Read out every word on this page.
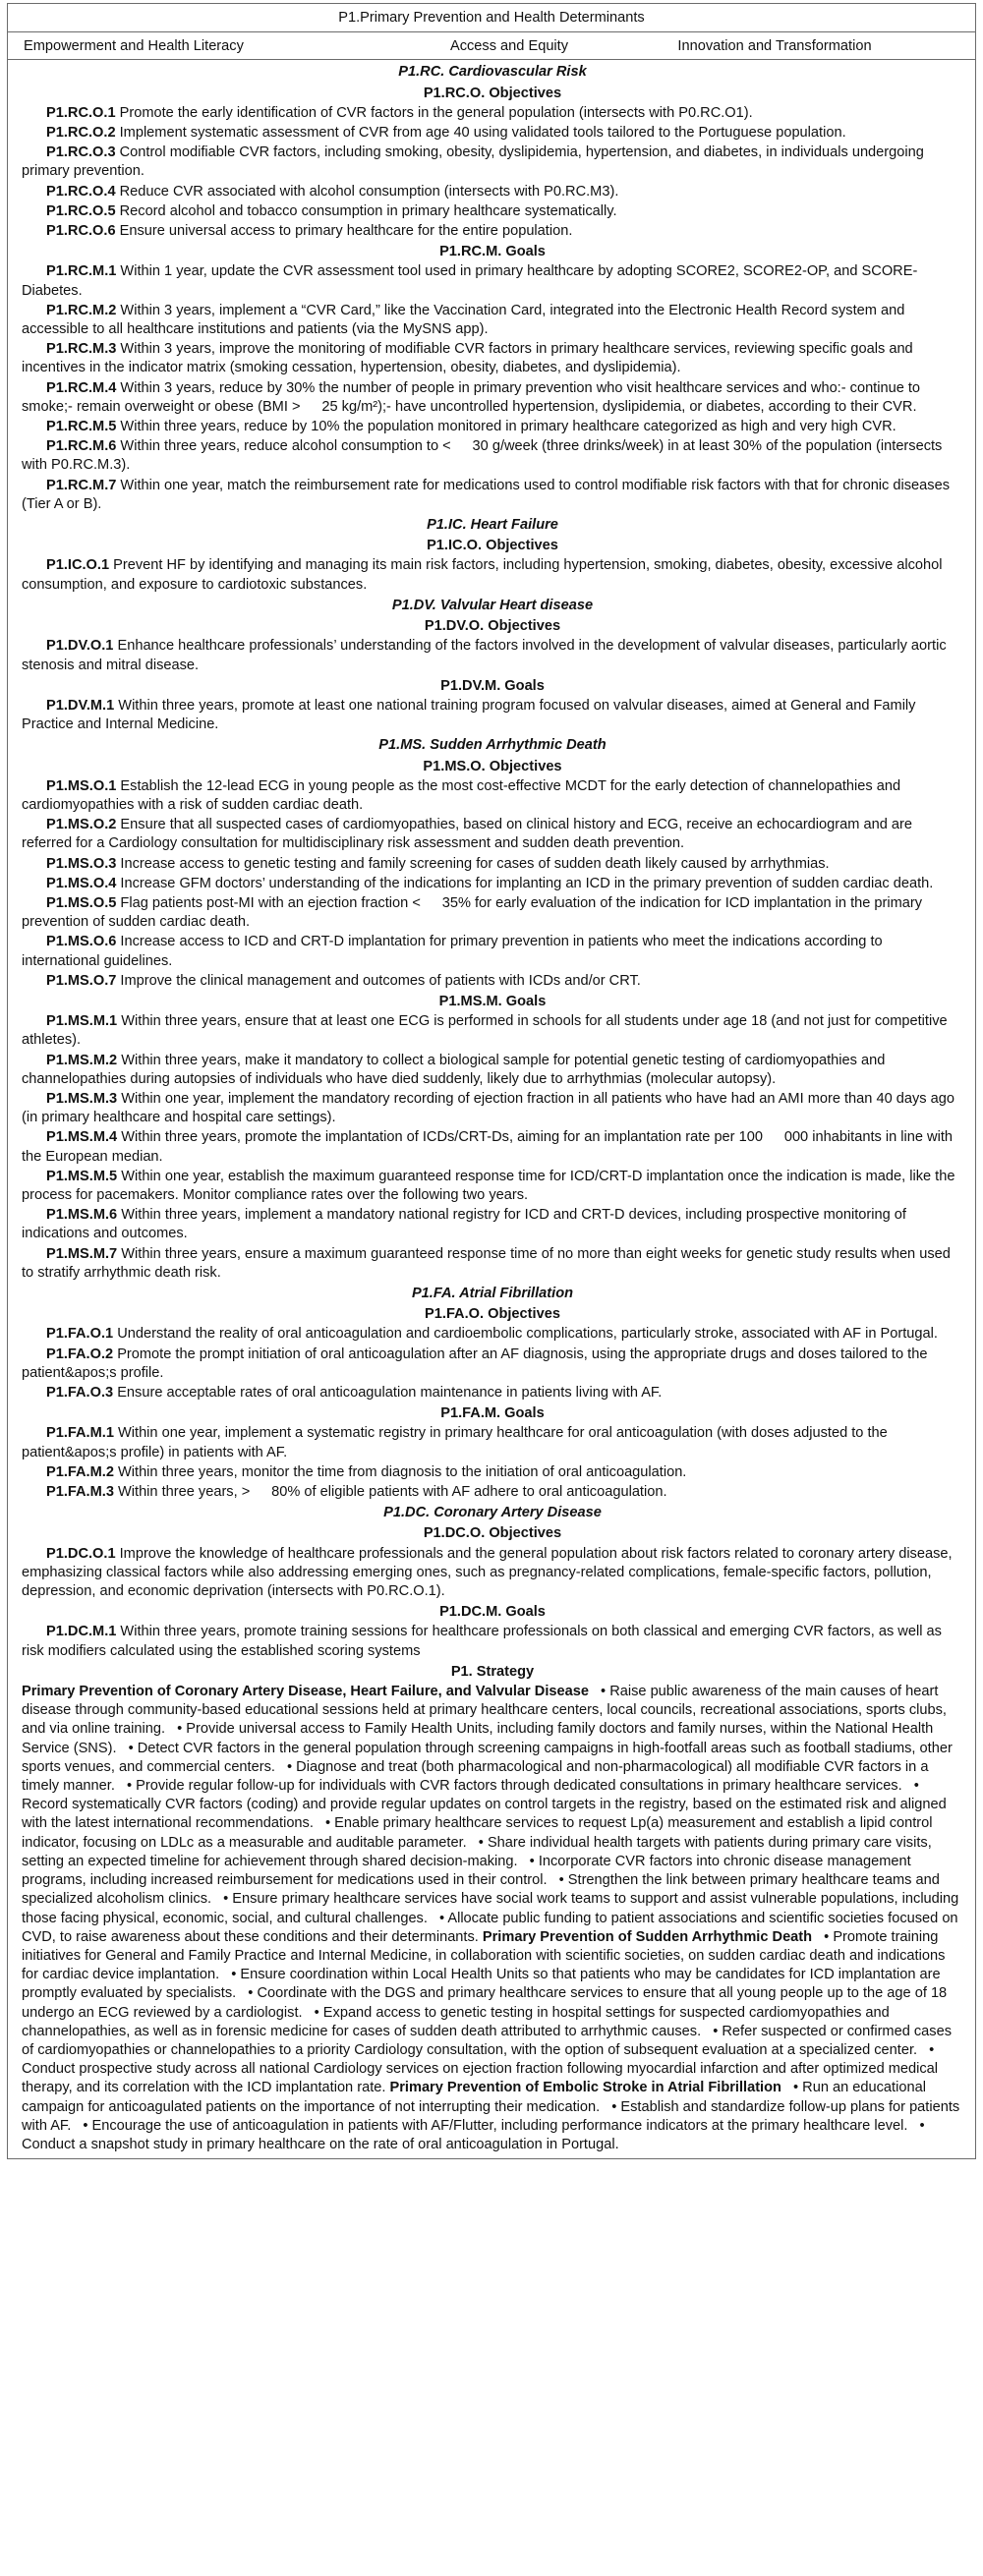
P1.Primary Prevention and Health Determinants
Empowerment and Health Literacy	Access and Equity	Innovation and Transformation
P1.RC. Cardiovascular Risk
P1.RC.O. Objectives
P1.RC.O.1 Promote the early identification of CVR factors in the general population (intersects with P0.RC.O1).
P1.RC.O.2 Implement systematic assessment of CVR from age 40 using validated tools tailored to the Portuguese population.
P1.RC.O.3 Control modifiable CVR factors, including smoking, obesity, dyslipidemia, hypertension, and diabetes, in individuals undergoing primary prevention.
P1.RC.O.4 Reduce CVR associated with alcohol consumption (intersects with P0.RC.M3).
P1.RC.O.5 Record alcohol and tobacco consumption in primary healthcare systematically.
P1.RC.O.6 Ensure universal access to primary healthcare for the entire population.
P1.RC.M. Goals
P1.RC.M.1 Within 1 year, update the CVR assessment tool used in primary healthcare by adopting SCORE2, SCORE2-OP, and SCORE-Diabetes.
P1.RC.M.2 Within 3 years, implement a “CVR Card,” like the Vaccination Card, integrated into the Electronic Health Record system and accessible to all healthcare institutions and patients (via the MySNS app).
P1.RC.M.3 Within 3 years, improve the monitoring of modifiable CVR factors in primary healthcare services, reviewing specific goals and incentives in the indicator matrix (smoking cessation, hypertension, obesity, diabetes, and dyslipidemia).
P1.RC.M.4 Within 3 years, reduce by 30% the number of people in primary prevention who visit healthcare services and who:- continue to smoke;- remain overweight or obese (BMI >   25 kg/m²);- have uncontrolled hypertension, dyslipidemia, or diabetes, according to their CVR.
P1.RC.M.5 Within three years, reduce by 10% the population monitored in primary healthcare categorized as high and very high CVR.
P1.RC.M.6 Within three years, reduce alcohol consumption to <   30 g/week (three drinks/week) in at least 30% of the population (intersects with P0.RC.M.3).
P1.RC.M.7 Within one year, match the reimbursement rate for medications used to control modifiable risk factors with that for chronic diseases (Tier A or B).
P1.IC. Heart Failure
P1.IC.O. Objectives
P1.IC.O.1 Prevent HF by identifying and managing its main risk factors, including hypertension, smoking, diabetes, obesity, excessive alcohol consumption, and exposure to cardiotoxic substances.
P1.DV. Valvular Heart disease
P1.DV.O. Objectives
P1.DV.O.1 Enhance healthcare professionals’ understanding of the factors involved in the development of valvular diseases, particularly aortic stenosis and mitral disease.
P1.DV.M. Goals
P1.DV.M.1 Within three years, promote at least one national training program focused on valvular diseases, aimed at General and Family Practice and Internal Medicine.
P1.MS. Sudden Arrhythmic Death
P1.MS.O. Objectives
P1.MS.O.1 Establish the 12-lead ECG in young people as the most cost-effective MCDT for the early detection of channelopathies and cardiomyopathies with a risk of sudden cardiac death.
P1.MS.O.2 Ensure that all suspected cases of cardiomyopathies, based on clinical history and ECG, receive an echocardiogram and are referred for a Cardiology consultation for multidisciplinary risk assessment and sudden death prevention.
P1.MS.O.3 Increase access to genetic testing and family screening for cases of sudden death likely caused by arrhythmias.
P1.MS.O.4 Increase GFM doctors’ understanding of the indications for implanting an ICD in the primary prevention of sudden cardiac death.
P1.MS.O.5 Flag patients post-MI with an ejection fraction <   35% for early evaluation of the indication for ICD implantation in the primary prevention of sudden cardiac death.
P1.MS.O.6 Increase access to ICD and CRT-D implantation for primary prevention in patients who meet the indications according to international guidelines.
P1.MS.O.7 Improve the clinical management and outcomes of patients with ICDs and/or CRT.
P1.MS.M. Goals
P1.MS.M.1 Within three years, ensure that at least one ECG is performed in schools for all students under age 18 (and not just for competitive athletes).
P1.MS.M.2 Within three years, make it mandatory to collect a biological sample for potential genetic testing of cardiomyopathies and channelopathies during autopsies of individuals who have died suddenly, likely due to arrhythmias (molecular autopsy).
P1.MS.M.3 Within one year, implement the mandatory recording of ejection fraction in all patients who have had an AMI more than 40 days ago (in primary healthcare and hospital care settings).
P1.MS.M.4 Within three years, promote the implantation of ICDs/CRT-Ds, aiming for an implantation rate per 100   000 inhabitants in line with the European median.
P1.MS.M.5 Within one year, establish the maximum guaranteed response time for ICD/CRT-D implantation once the indication is made, like the process for pacemakers. Monitor compliance rates over the following two years.
P1.MS.M.6 Within three years, implement a mandatory national registry for ICD and CRT-D devices, including prospective monitoring of indications and outcomes.
P1.MS.M.7 Within three years, ensure a maximum guaranteed response time of no more than eight weeks for genetic study results when used to stratify arrhythmic death risk.
P1.FA. Atrial Fibrillation
P1.FA.O. Objectives
P1.FA.O.1 Understand the reality of oral anticoagulation and cardioembolic complications, particularly stroke, associated with AF in Portugal.
P1.FA.O.2 Promote the prompt initiation of oral anticoagulation after an AF diagnosis, using the appropriate drugs and doses tailored to the patient&apos;s profile.
P1.FA.O.3 Ensure acceptable rates of oral anticoagulation maintenance in patients living with AF.
P1.FA.M. Goals
P1.FA.M.1 Within one year, implement a systematic registry in primary healthcare for oral anticoagulation (with doses adjusted to the patient&apos;s profile) in patients with AF.
P1.FA.M.2 Within three years, monitor the time from diagnosis to the initiation of oral anticoagulation.
P1.FA.M.3 Within three years, >   80% of eligible patients with AF adhere to oral anticoagulation.
P1.DC. Coronary Artery Disease
P1.DC.O. Objectives
P1.DC.O.1 Improve the knowledge of healthcare professionals and the general population about risk factors related to coronary artery disease, emphasizing classical factors while also addressing emerging ones, such as pregnancy-related complications, female-specific factors, pollution, depression, and economic deprivation (intersects with P0.RC.O.1).
P1.DC.M. Goals
P1.DC.M.1 Within three years, promote training sessions for healthcare professionals on both classical and emerging CVR factors, as well as risk modifiers calculated using the established scoring systems
P1. Strategy
Primary Prevention of Coronary Artery Disease, Heart Failure, and Valvular Disease • Raise public awareness of the main causes of heart disease through community-based educational sessions held at primary healthcare centers, local councils, recreational associations, sports clubs, and via online training. • Provide universal access to Family Health Units, including family doctors and family nurses, within the National Health Service (SNS). • Detect CVR factors in the general population through screening campaigns in high-footfall areas such as football stadiums, other sports venues, and commercial centers. • Diagnose and treat (both pharmacological and non-pharmacological) all modifiable CVR factors in a timely manner. • Provide regular follow-up for individuals with CVR factors through dedicated consultations in primary healthcare services. • Record systematically CVR factors (coding) and provide regular updates on control targets in the registry, based on the estimated risk and aligned with the latest international recommendations. • Enable primary healthcare services to request Lp(a) measurement and establish a lipid control indicator, focusing on LDLc as a measurable and auditable parameter. • Share individual health targets with patients during primary care visits, setting an expected timeline for achievement through shared decision-making. • Incorporate CVR factors into chronic disease management programs, including increased reimbursement for medications used in their control. • Strengthen the link between primary healthcare teams and specialized alcoholism clinics. • Ensure primary healthcare services have social work teams to support and assist vulnerable populations, including those facing physical, economic, social, and cultural challenges. • Allocate public funding to patient associations and scientific societies focused on CVD, to raise awareness about these conditions and their determinants. Primary Prevention of Sudden Arrhythmic Death • Promote training initiatives for General and Family Practice and Internal Medicine, in collaboration with scientific societies, on sudden cardiac death and indications for cardiac device implantation. • Ensure coordination within Local Health Units so that patients who may be candidates for ICD implantation are promptly evaluated by specialists. • Coordinate with the DGS and primary healthcare services to ensure that all young people up to the age of 18 undergo an ECG reviewed by a cardiologist. • Expand access to genetic testing in hospital settings for suspected cardiomyopathies and channelopathies, as well as in forensic medicine for cases of sudden death attributed to arrhythmic causes. • Refer suspected or confirmed cases of cardiomyopathies or channelopathies to a priority Cardiology consultation, with the option of subsequent evaluation at a specialized center. • Conduct prospective study across all national Cardiology services on ejection fraction following myocardial infarction and after optimized medical therapy, and its correlation with the ICD implantation rate. Primary Prevention of Embolic Stroke in Atrial Fibrillation • Run an educational campaign for anticoagulated patients on the importance of not interrupting their medication. • Establish and standardize follow-up plans for patients with AF. • Encourage the use of anticoagulation in patients with AF/Flutter, including performance indicators at the primary healthcare level. • Conduct a snapshot study in primary healthcare on the rate of oral anticoagulation in Portugal.
